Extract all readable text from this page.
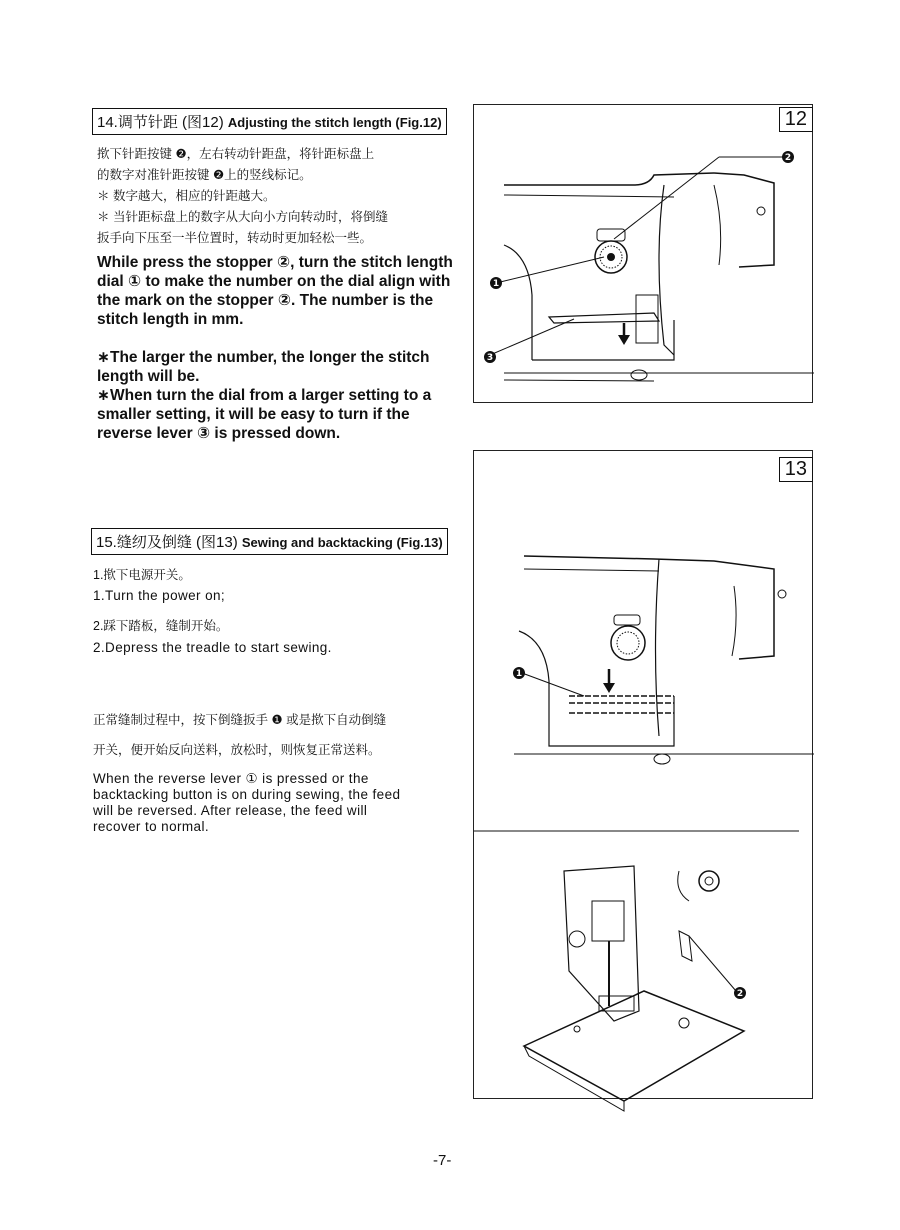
14.调节针距 (图12) Adjusting the stitch length (Fig.12)
揿下针距按键 ❷，左右转动针距盘，将针距标盘上
的数字对准针距按键 ❷上的竖线标记。
＊ 数字越大，相应的针距越大。
＊ 当针距标盘上的数字从大向小方向转动时，将倒缝
扳手向下压至一半位置时，转动时更加轻松一些。
While press the stopper ②, turn the stitch length
dial ① to make the number on the dial align with
the mark on the stopper ②. The number is the
stitch length in mm.
∗The larger the number, the longer the stitch
length will be.
∗When turn the dial from a larger setting to a
smaller setting, it will be easy to turn if the
reverse lever ③ is pressed down.
15.缝纫及倒缝 (图13) Sewing and backtacking (Fig.13)
1.揿下电源开关。
1.Turn the power on;
2.踩下踏板，缝制开始。
2.Depress the treadle to start sewing.
正常缝制过程中，按下倒缝扳手 ❶ 或是揿下自动倒缝
开关，便开始反向送料，放松时，则恢复正常送料。
When the reverse lever ① is pressed or the
backtacking button is on during sewing, the feed
will be reversed. After release, the feed will
recover to normal.
2
1
3
12
1
2
13
-7-
